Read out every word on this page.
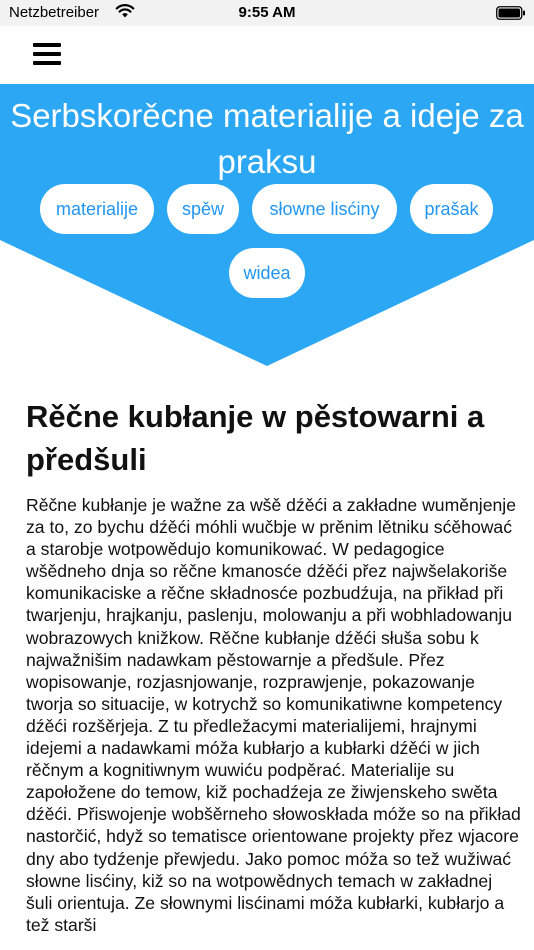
Netzbetreiber	9:55 AM
Serbskorěcne materialije a ideje za praksu
materialije	spěw	słowne lisćiny	prašak
widea
Rěčne kubłanje w pěstowarni a předšuli

Rěčne kubłanje je wažne za wšě dźěći a zakładne wuměnjenje za to, zo bychu dźěći móhli wučbje w prěnim lětniku sćěhować a starobje wotpowědujo komunikować. W pedagogice wšědneho dnja so rěčne kmanosće dźěći přez najwšelakoriše komunikaciske a rěčne składnosće pozbudźuja, na přikład při twarjenju, hrajkanju, paslenju, molowanju a při wobhladowanju wobrazowych knižkow. Rěčne kubłanje dźěći słuša sobu k najwažnišim nadawkam pěstowarnje a předšule. Přez wopisowanje, rozjasnjowanje, rozprawjenje, pokazowanje tworja so situacije, w kotrychž so komunikatiwne kompetency dźěći rozšěrjeja. Z tu předležacymi materialijemi, hrajnymi idejemi a nadawkami móža kubłarjo a kubłarki dźěći w jich rěčnym a kognitiwnym wuwiću podpěrać. Materialije su zapołožene do temow, kiž pochadźeja ze žiwjenskeho swěta dźěći. Přiswojenje wobšěrneho słowoskłada móže so na přikład nastorčić, hdyž so tematisce orientowane projekty přez wjacore dny abo tydźenje přewjedu. Jako pomoc móža so tež wužiwać słowne lisćiny, kiž so na wotpowědnych temach w zakładnej šuli orientuja. Ze słownymi lisćinami móža kubłarki, kubłarjo a tež starši
